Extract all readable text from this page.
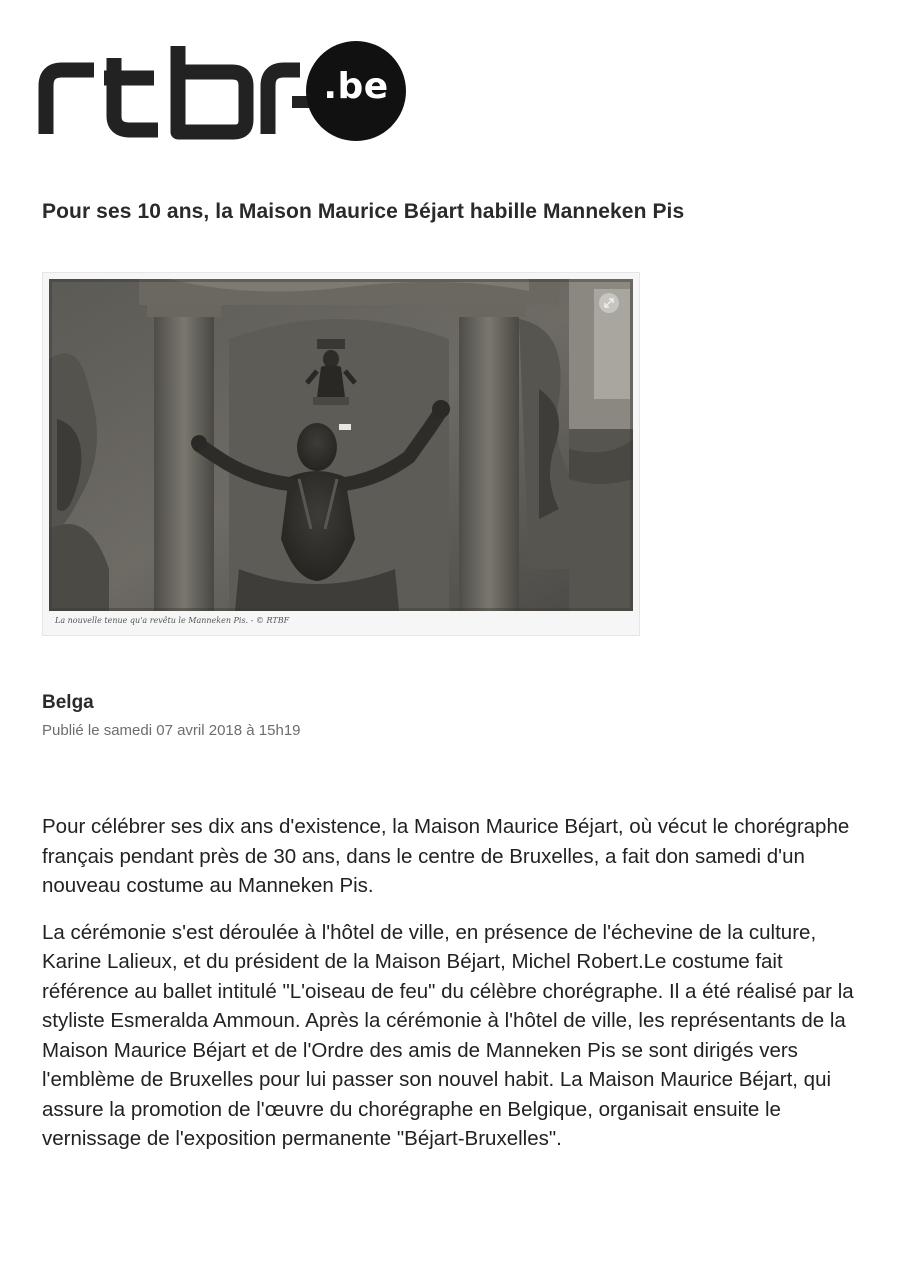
.be
Pour ses 10 ans, la Maison Maurice Béjart habille Manneken Pis
La nouvelle tenue qu'a revêtu le Manneken Pis. - © RTBF
Belga
Publié le samedi 07 avril 2018 à 15h19

Pour célébrer ses dix ans d'existence, la Maison Maurice Béjart, où vécut le chorégraphe français pendant près de 30 ans, dans le centre de Bruxelles, a fait don samedi d'un nouveau costume au Manneken Pis.

La cérémonie s'est déroulée à l'hôtel de ville, en présence de l'échevine de la culture, Karine Lalieux, et du président de la Maison Béjart, Michel Robert.Le costume fait référence au ballet intitulé "L'oiseau de feu" du célèbre chorégraphe. Il a été réalisé par la styliste Esmeralda Ammoun. Après la cérémonie à l'hôtel de ville, les représentants de la Maison Maurice Béjart et de l'Ordre des amis de Manneken Pis se sont dirigés vers l'emblème de Bruxelles pour lui passer son nouvel habit. La Maison Maurice Béjart, qui assure la promotion de l'œuvre du chorégraphe en Belgique, organisait ensuite le vernissage de l'exposition permanente "Béjart-Bruxelles".
